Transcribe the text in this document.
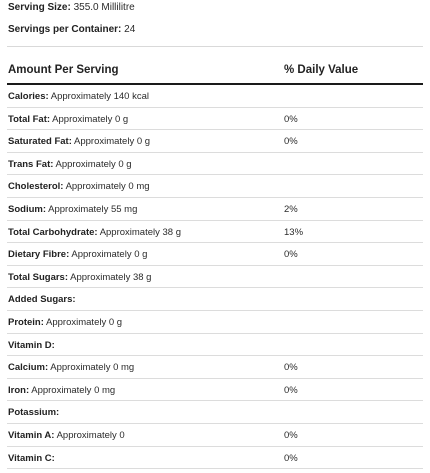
Serving Size: 355.0 Millilitre
Servings per Container: 24
Amount Per Serving	% Daily Value
Calories: Approximately 140 kcal
Total Fat: Approximately 0 g	0%
Saturated Fat: Approximately 0 g	0%
Trans Fat: Approximately 0 g
Cholesterol: Approximately 0 mg
Sodium: Approximately 55 mg	2%
Total Carbohydrate: Approximately 38 g	13%
Dietary Fibre: Approximately 0 g	0%
Total Sugars: Approximately 38 g
Added Sugars:
Protein: Approximately 0 g
Vitamin D:
Calcium: Approximately 0 mg	0%
Iron: Approximately 0 mg	0%
Potassium:
Vitamin A: Approximately 0	0%
Vitamin C:	0%
